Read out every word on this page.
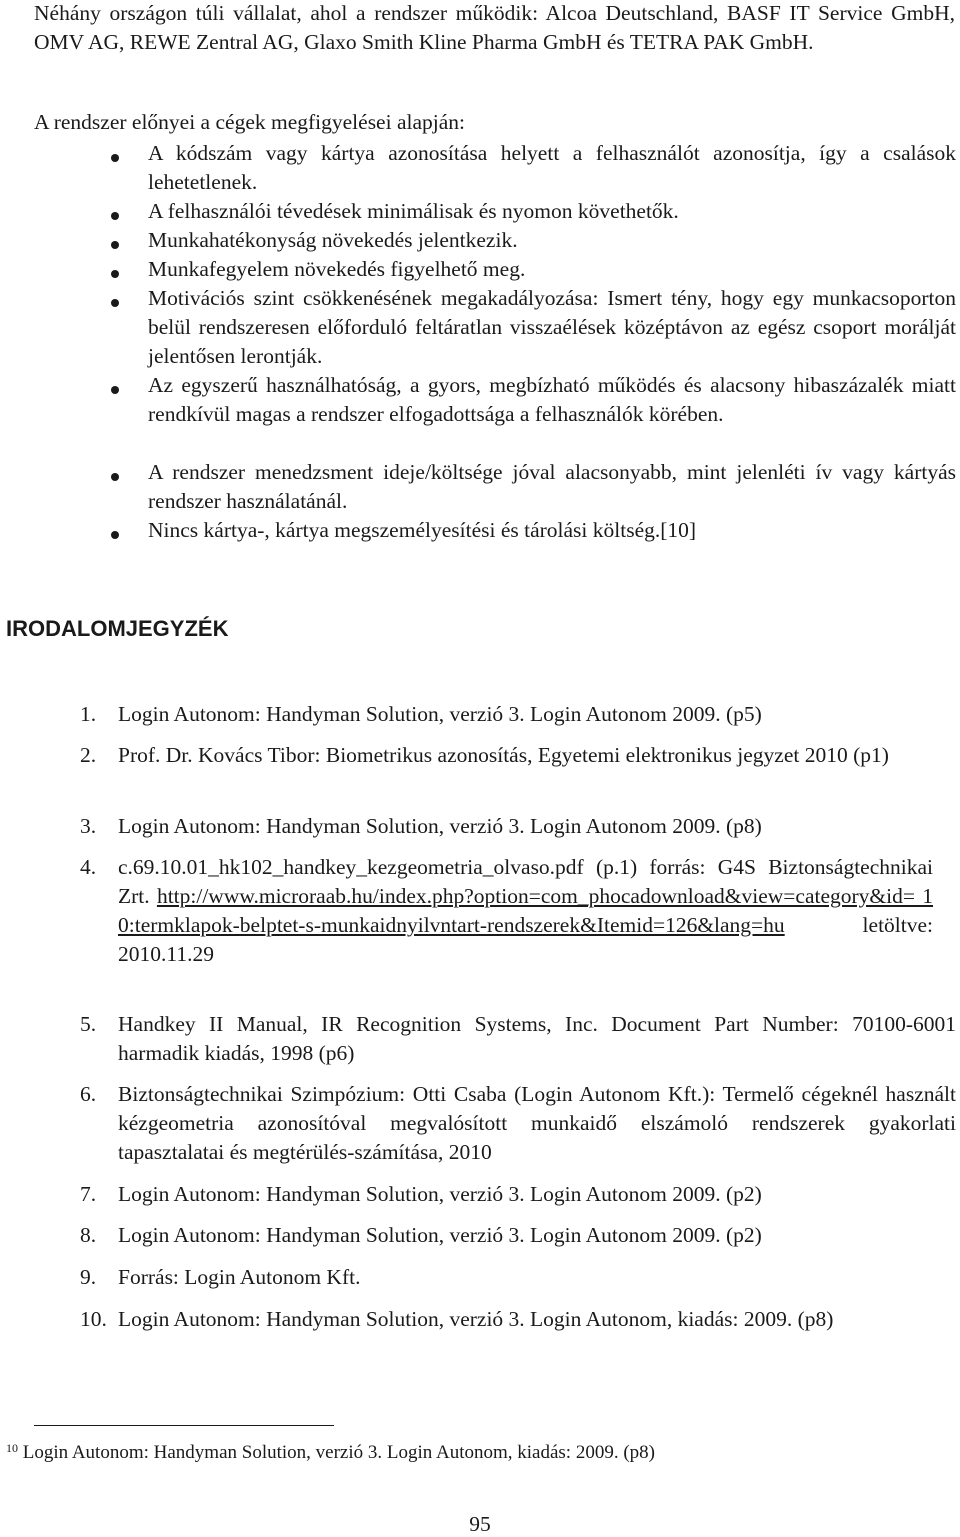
Néhány országon túli vállalat, ahol a rendszer működik: Alcoa Deutschland, BASF IT Service GmbH, OMV AG, REWE Zentral AG, Glaxo Smith Kline Pharma GmbH és TETRA PAK GmbH.
A rendszer előnyei a cégek megfigyelései alapján:
A kódszám vagy kártya azonosítása helyett a felhasználót azonosítja, így a csalások lehetetlenek.
A felhasználói tévedések minimálisak és nyomon követhetők.
Munkahatékonyság növekedés jelentkezik.
Munkafegyelem növekedés figyelhető meg.
Motivációs szint csökkenésének megakadályozása: Ismert tény, hogy egy munkacsoporton belül rendszeresen előforduló feltáratlan visszaélések középtávon az egész csoport morálját jelentősen lerontják.
Az egyszerű használhatóság, a gyors, megbízható működés és alacsony hibaszázalék miatt rendkívül magas a rendszer elfogadottsága a felhasználók körében.
A rendszer menedzsment ideje/költsége jóval alacsonyabb, mint jelenléti ív vagy kártyás rendszer használatánál.
Nincs kártya-, kártya megszemélyesítési és tárolási költség.[10]
IRODALOMJEGYZÉK
1.	Login Autonom: Handyman Solution, verzió 3. Login Autonom 2009. (p5)
2.	Prof. Dr. Kovács Tibor: Biometrikus azonosítás, Egyetemi elektronikus jegyzet 2010 (p1)
3.	Login Autonom: Handyman Solution, verzió 3. Login Autonom 2009. (p8)
4.	c.69.10.01_hk102_handkey_kezgeometria_olvaso.pdf (p.1) forrás: G4S Biztonságtechnikai Zrt. http://www.microraab.hu/index.php?option=com_phocadownload&view=category&id= 10:termklapok-belptet-s-munkaidnyilvntart-rendszerek&Itemid=126&lang=hu letöltve: 2010.11.29
5.	Handkey II Manual, IR Recognition Systems, Inc. Document Part Number: 70100-6001 harmadik kiadás, 1998 (p6)
6.	Biztonságtechnikai Szimpózium: Otti Csaba (Login Autonom Kft.): Termelő cégeknél használt kézgeometria azonosítóval megvalósított munkaidő elszámoló rendszerek gyakorlati tapasztalatai és megtérülés-számítása, 2010
7.	Login Autonom: Handyman Solution, verzió 3. Login Autonom 2009. (p2)
8.	Login Autonom: Handyman Solution, verzió 3. Login Autonom 2009. (p2)
9.	Forrás: Login Autonom Kft.
10. Login Autonom: Handyman Solution, verzió 3. Login Autonom, kiadás: 2009. (p8)
$^{10}$ Login Autonom: Handyman Solution, verzió 3. Login Autonom, kiadás: 2009. (p8)
95
